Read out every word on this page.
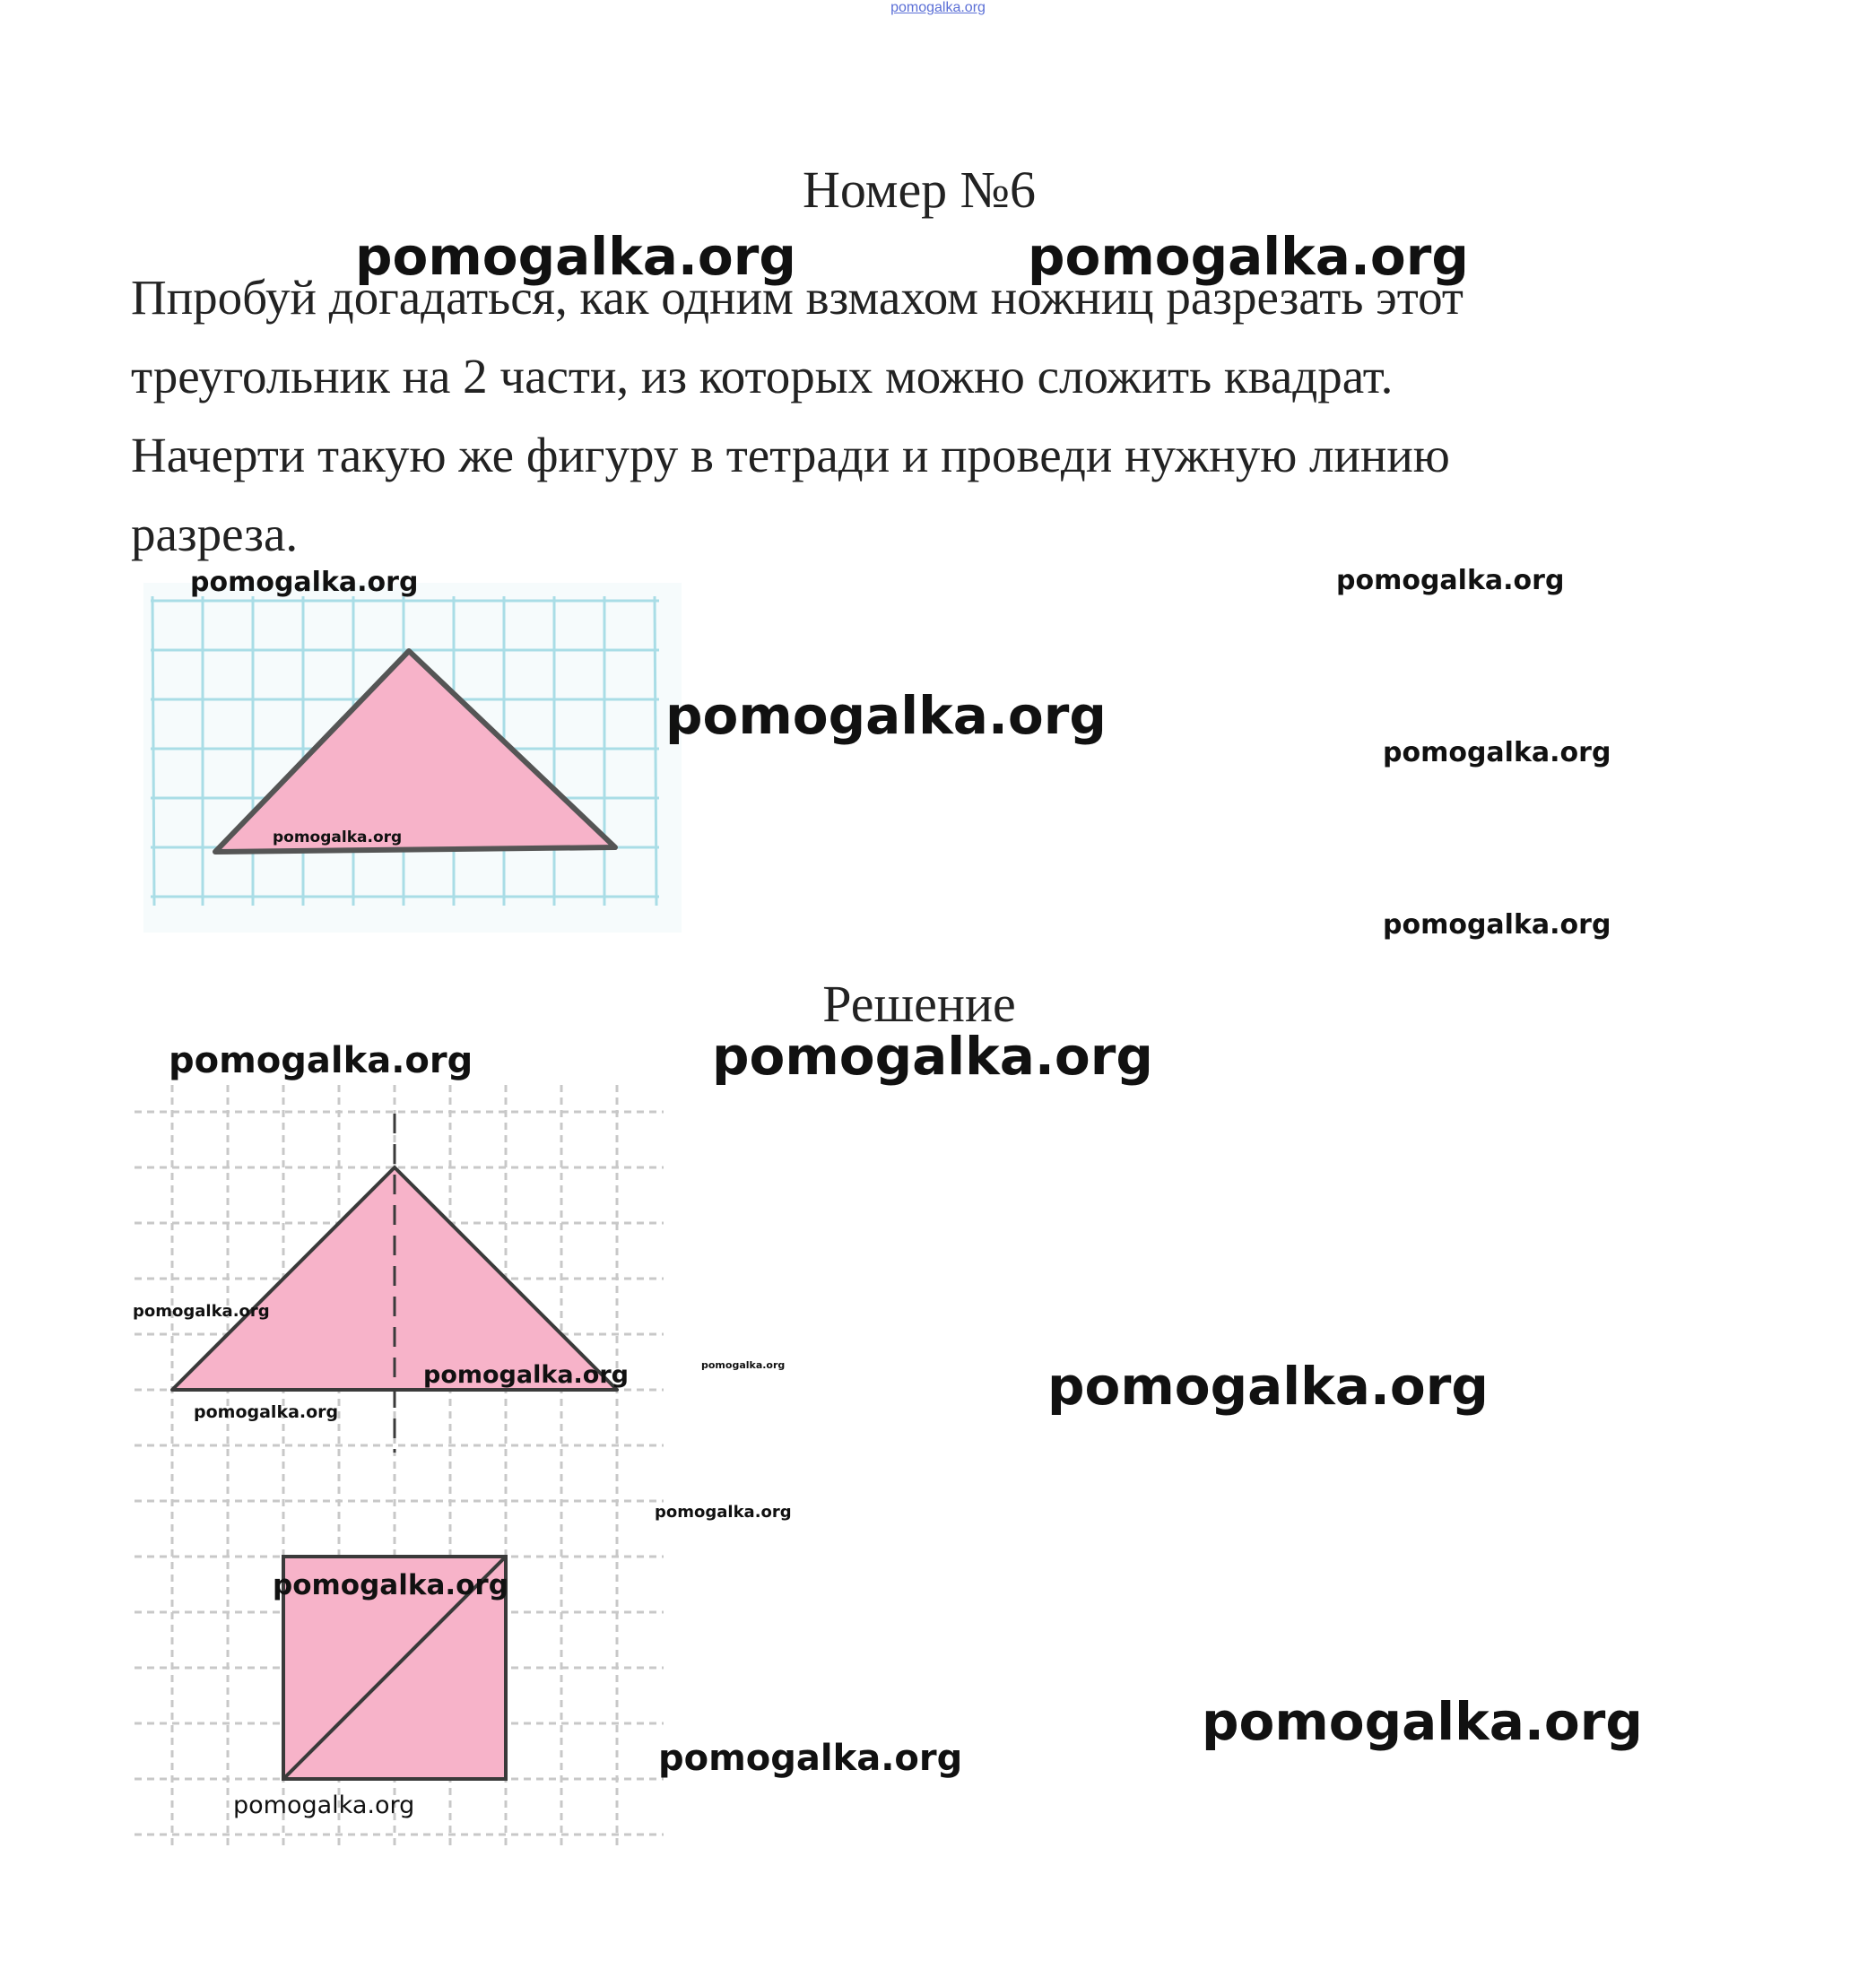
pomogalka.org
Номер №6
Ппробуй догадаться, как одним взмахом ножниц разрезать этот
треугольник на 2 части, из которых можно сложить квадрат.
Начерти такую же фигуру в тетради и проведи нужную линию
разреза.
Решение
pomogalka.org	pomogalka.org
pomogalka.org	pomogalka.org
pomogalka.org
pomogalka.org
pomogalka.org
pomogalka.org
pomogalka.org	pomogalka.org
pomogalka.org
pomogalka.org	pomogalka.org	pomogalka.org
pomogalka.org
pomogalka.org
pomogalka.org
pomogalka.org
pomogalka.org
pomogalka.org
